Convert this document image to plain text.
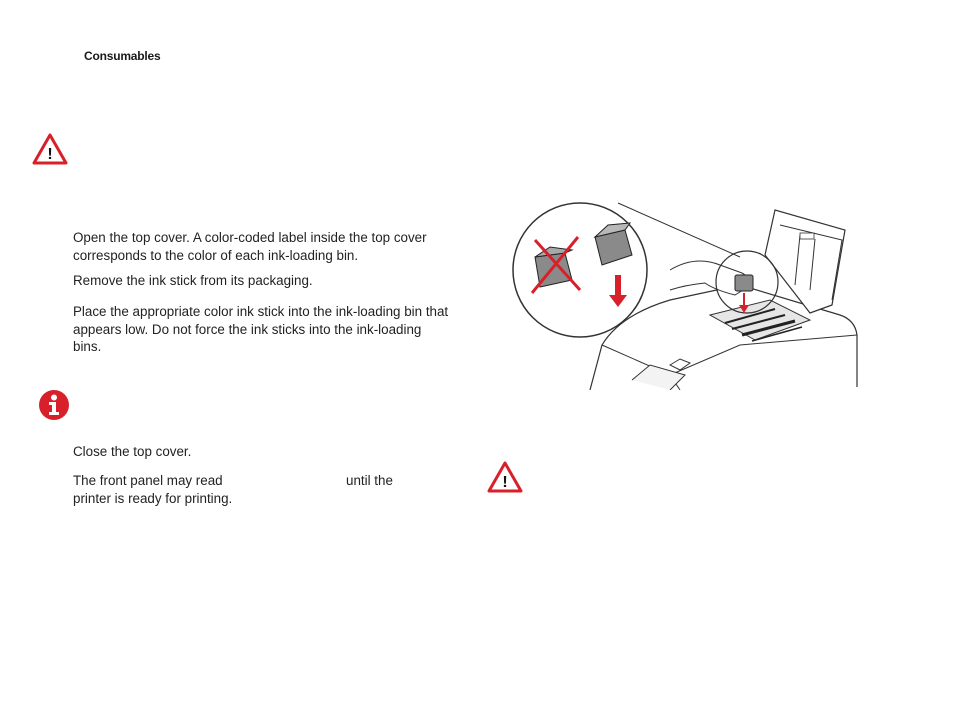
Consumables
!
Open the top cover. A color-coded label inside the top cover corresponds to the color of each ink-loading bin.
Remove the ink stick from its packaging.
Place the appropriate color ink stick into the ink-loading bin that appears low. Do not force the ink sticks into the ink-loading bins.
Close the top cover.
The front panel may read	until the
printer is ready for printing.
!
